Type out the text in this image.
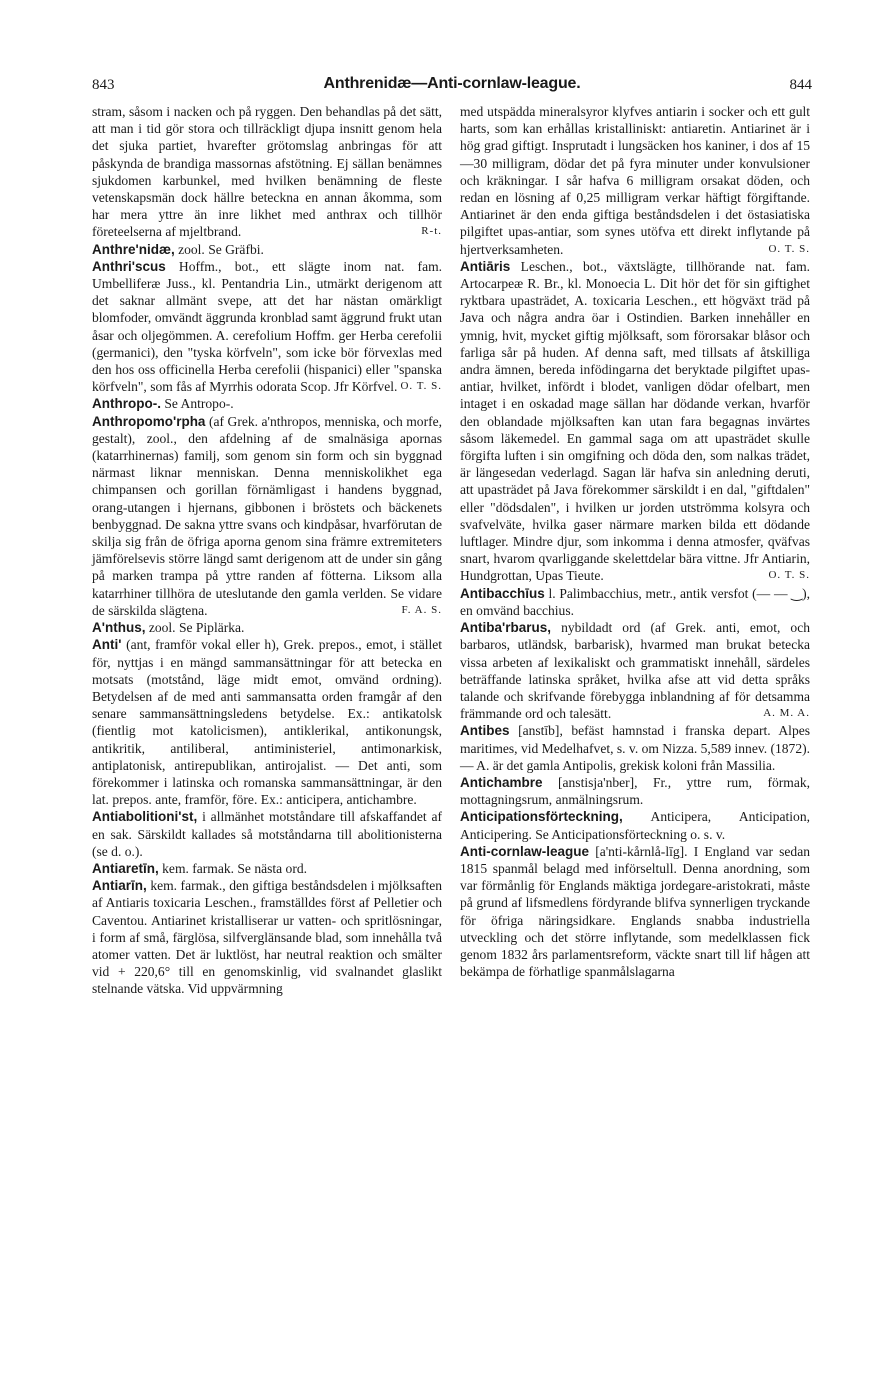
843	Anthrenidæ—Anti-cornlaw-league.	844

stram, såsom i nacken och på ryggen. Den behandlas på det sätt, att man i tid gör stora och tillräckligt djupa insnitt genom hela det sjuka partiet, hvarefter grötomslag anbringas för att påskynda de brandiga massornas afstötning. Ej sällan benämnes sjukdomen karbunkel, med hvilken benämning de fleste vetenskapsmän dock hällre beteckna en annan åkomma, som har mera yttre än inre likhet med anthrax och tillhör företeelserna af mjeltbrand.	R-t.

Anthre'nidæ, zool. Se Gräfbi.

Anthri'scus Hoffm., bot., ett slägte inom nat. fam. Umbelliferæ Juss., kl. Pentandria Lin., utmärkt derigenom att det saknar allmänt svepe, att det har nästan omärkligt blomfoder, omvändt äggrunda kronblad samt äggrund frukt utan åsar och oljegömmen. A. cerefolium Hoffm. ger Herba cerefolii (germanici), den "tyska körfveln", som icke bör förvexlas med den hos oss officinella Herba cerefolii (hispanici) eller "spanska körfveln", som fås af Myrrhis odorata Scop. Jfr Körfvel. O. T. S.

Anthropo-. Se Antropo-.

Anthropomo'rpha (af Grek. a'nthropos, menniska, och morfe, gestalt), zool., den afdelning af de smalnäsiga apornas (katarrhinernas) familj, som genom sin form och sin byggnad närmast liknar menniskan. Denna menniskolikhet ega chimpansen och gorillan förnämligast i handens byggnad, orang-utangen i hjernans, gibbonen i bröstets och bäckenets benbyggnad. De sakna yttre svans och kindpåsar, hvarförutan de skilja sig från de öfriga aporna genom sina främre extremiteters jämförelsevis större längd samt derigenom att de under sin gång på marken trampa på yttre randen af fötterna. Liksom alla katarrhiner tillhöra de uteslutande den gamla verlden. Se vidare de särskilda slägtena.	F. A. S.

A'nthus, zool. Se Piplärka.

Anti' (ant, framför vokal eller h), Grek. prepos., emot, i stället för, nyttjas i en mängd sammansättningar för att betecka en motsats (motstånd, läge midt emot, omvänd ordning). Betydelsen af de med anti sammansatta orden framgår af den senare sammansättningsledens betydelse. Ex.: antikatolsk (fientlig mot katolicismen), antiklerikal, antikonungsk, antikritik, antiliberal, antiministeriel, antimonarkisk, antiplatonisk, antirepublikan, antirojalist. — Det anti, som förekommer i latinska och romanska sammansättningar, är den lat. prepos. ante, framför, före. Ex.: anticipera, antichambre.

Antiabolitioni'st, i allmänhet motståndare till afskaffandet af en sak. Särskildt kallades så motståndarna till abolitionisterna (se d. o.).

Antiaretīn, kem. farmak. Se nästa ord.

Antiarīn, kem. farmak., den giftiga beståndsdelen i mjölksaften af Antiaris toxicaria Leschen., framställdes först af Pelletier och Caventou. Antiarinet kristalliserar ur vatten- och spritlösningar, i form af små, färglösa, silfverglänsande blad, som innehålla två atomer vatten. Det är luktlöst, har neutral reaktion och smälter vid + 220,6° till en genomskinlig, vid svalnandet glaslikt stelnande vätska. Vid uppvärmning

med utspädda mineralsyror klyfves antiarin i socker och ett gult harts, som kan erhållas kristalliniskt: antiaretin. Antiarinet är i hög grad giftigt. Insprutadt i lungsäcken hos kaniner, i dos af 15—30 milligram, dödar det på fyra minuter under konvulsioner och kräkningar. I sår hafva 6 milligram orsakat döden, och redan en lösning af 0,25 milligram verkar häftigt förgiftande. Antiarinet är den enda giftiga beståndsdelen i det östasiatiska pilgiftet upas-antiar, som synes utöfva ett direkt inflytande på hjertverksamheten.	O. T. S.

Antiāris Leschen., bot., växtslägte, tillhörande nat. fam. Artocarpeæ R. Br., kl. Monoecia L. Dit hör det för sin giftighet ryktbara upasträdet, A. toxicaria Leschen., ett högväxt träd på Java och några andra öar i Ostindien. Barken innehåller en ymnig, hvit, mycket giftig mjölksaft, som förorsakar blåsor och farliga sår på huden. Af denna saft, med tillsats af åtskilliga andra ämnen, bereda infödingarna det beryktade pilgiftet upas-antiar, hvilket, infördt i blodet, vanligen dödar ofelbart, men intaget i en oskadad mage sällan har dödande verkan, hvarför den oblandade mjölksaften kan utan fara begagnas invärtes såsom läkemedel. En gammal saga om att upasträdet skulle förgifta luften i sin omgifning och döda den, som nalkas trädet, är längesedan vederlagd. Sagan lär hafva sin anledning deruti, att upasträdet på Java förekommer särskildt i en dal, "giftdalen" eller "dödsdalen", i hvilken ur jorden utströmma kolsyra och svafvelväte, hvilka gaser närmare marken bilda ett dödande luftlager. Mindre djur, som inkomma i denna atmosfer, qväfvas snart, hvarom qvarliggande skelettdelar bära vittne. Jfr Antiarin, Hundgrottan, Upas Tieute.	O. T. S.

Antibacchīus l. Palimbacchius, metr., antik versfot (— — ‿), en omvänd bacchius.

Antiba'rbarus, nybildadt ord (af Grek. anti, emot, och barbaros, utländsk, barbarisk), hvarmed man brukat betecka vissa arbeten af lexikaliskt och grammatiskt innehåll, särdeles beträffande latinska språket, hvilka afse att vid detta språks talande och skrifvande förebygga inblandning af för detsamma främmande ord och talesätt.	A. M. A.

Antibes [anstīb], befäst hamnstad i franska depart. Alpes maritimes, vid Medelhafvet, s. v. om Nizza. 5,589 innev. (1872). — A. är det gamla Antipolis, grekisk koloni från Massilia.

Antichambre [anstisja'nber], Fr., yttre rum, förmak, mottagningsrum, anmälningsrum.

Anticipationsförteckning, Anticipera, Anticipation, Anticipering. Se Anticipationsförteckning o. s. v.

Anti-cornlaw-league [a'nti-kårnlå-līg]. I England var sedan 1815 spanmål belagd med införseltull. Denna anordning, som var förmånlig för Englands mäktiga jordegare-aristokrati, måste på grund af lifsmedlens fördyrande blifva synnerligen tryckande för öfriga näringsidkare. Englands snabba industriella utveckling och det större inflytande, som medelklassen fick genom 1832 års parlamentsreform, väckte snart till lif hågen att bekämpa de förhatlige spanmålslagarna
